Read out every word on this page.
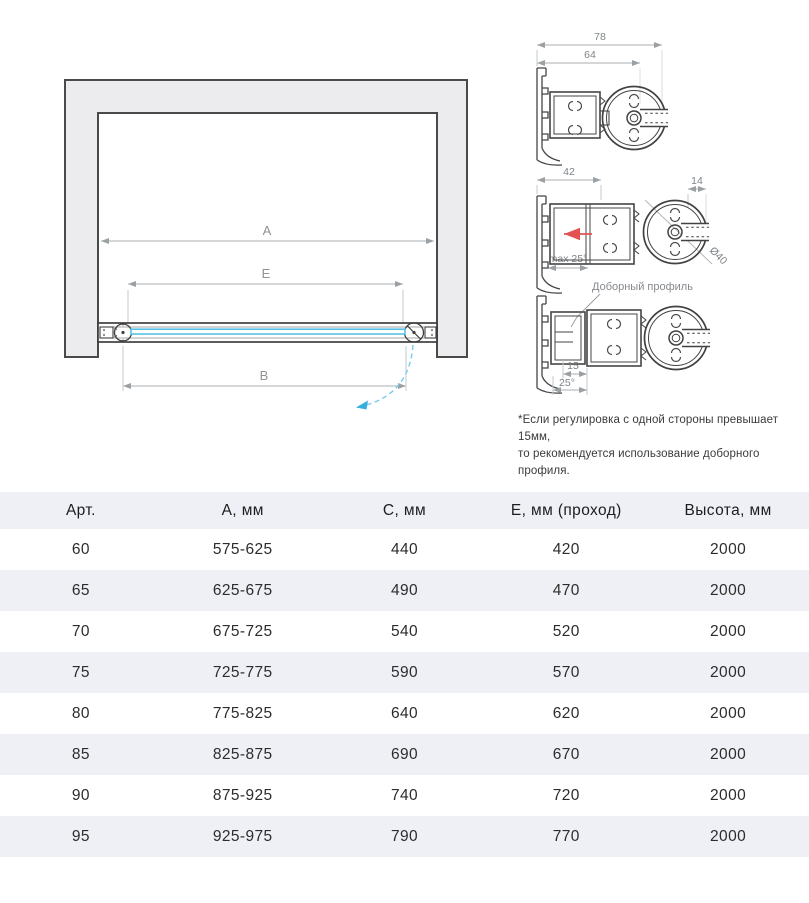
A
E
B
78
64
42
14
max 25°	Ø40
Доборный профиль
15
25°
*Если регулировка с одной стороны превышает 15мм,
то рекомендуется использование доборного профиля.
Арт.	А, мм	С, мм	Е, мм (проход)	Высота, мм
60	575-625	440	420	2000
65	625-675	490	470	2000
70	675-725	540	520	2000
75	725-775	590	570	2000
80	775-825	640	620	2000
85	825-875	690	670	2000
90	875-925	740	720	2000
95	925-975	790	770	2000
